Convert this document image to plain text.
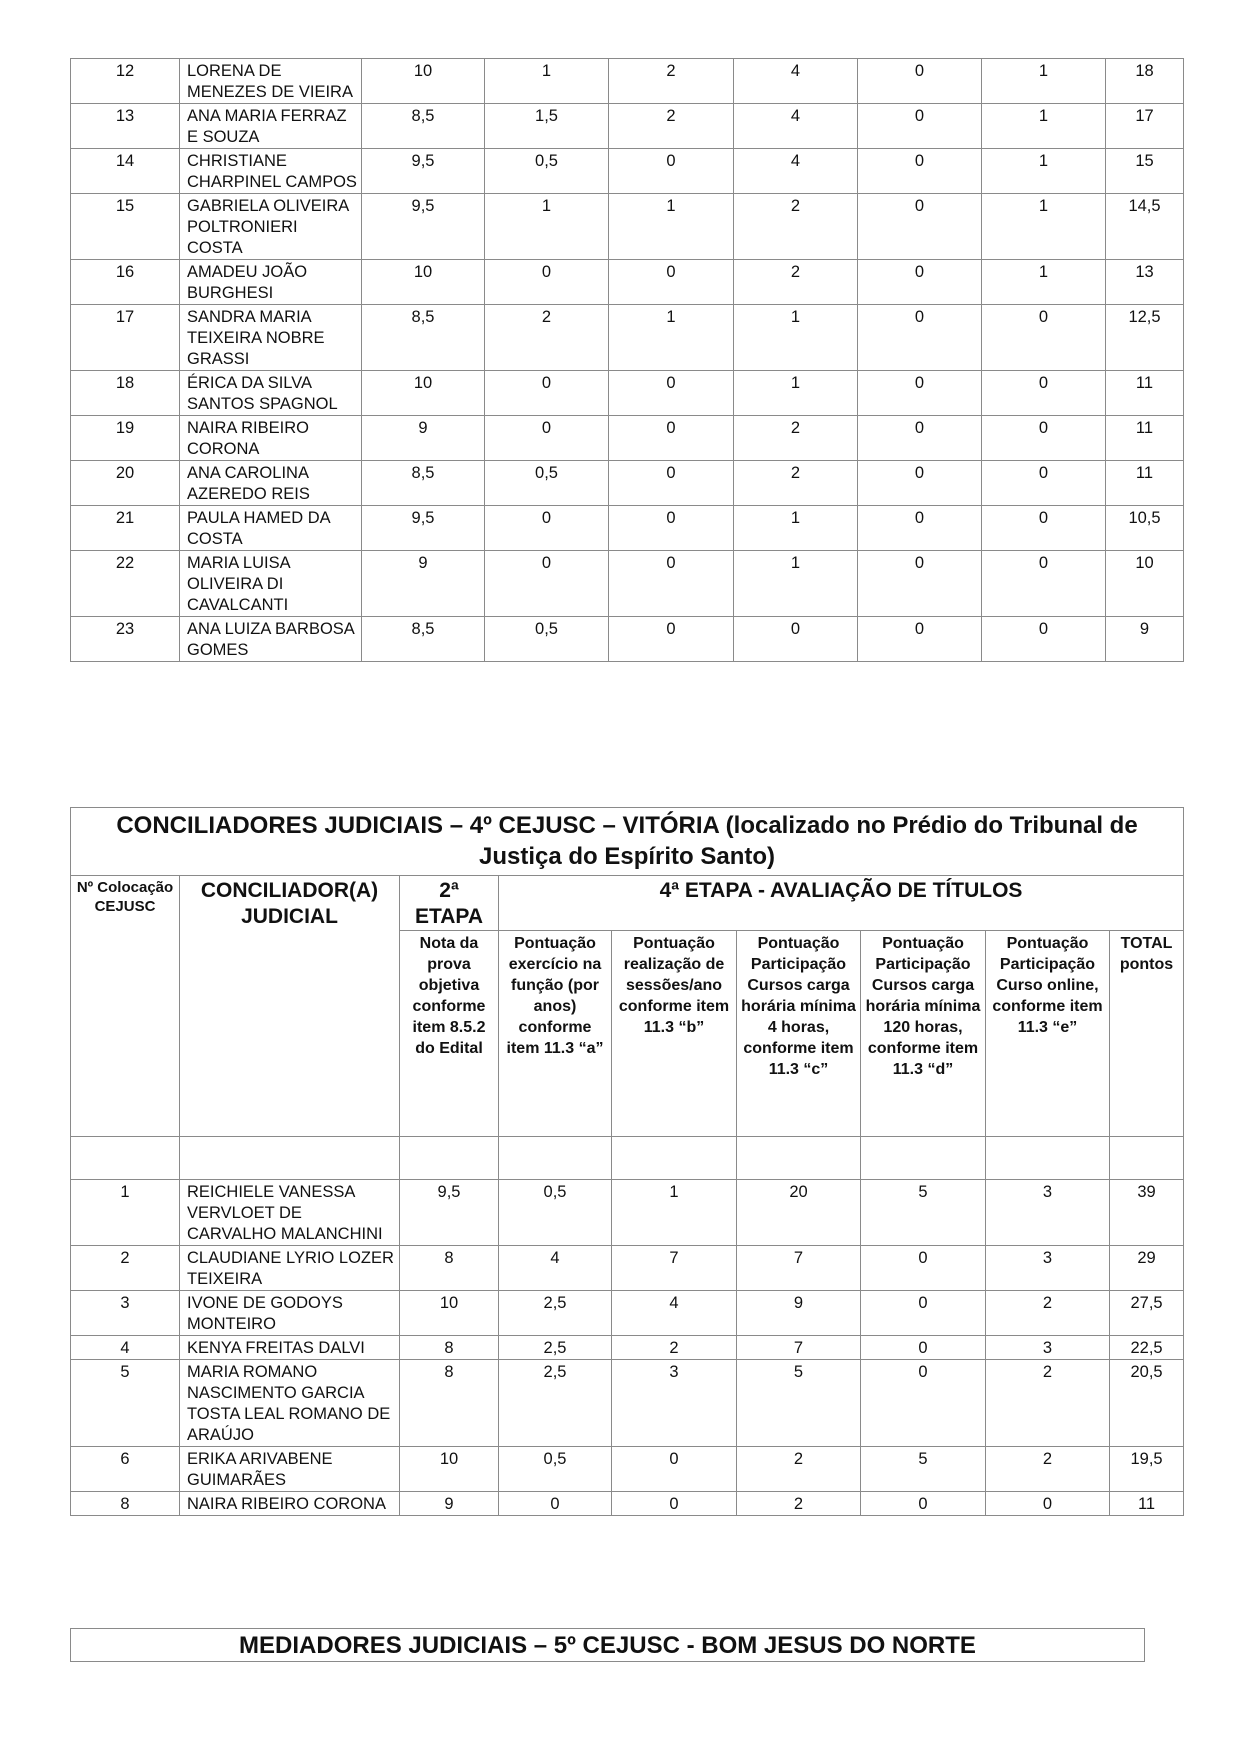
12	LORENA DE MENEZES DE VIEIRA	10	1	2	4	0	1	18
13	ANA MARIA FERRAZ E SOUZA	8,5	1,5	2	4	0	1	17
14	CHRISTIANE CHARPINEL CAMPOS	9,5	0,5	0	4	0	1	15
15	GABRIELA OLIVEIRA POLTRONIERI COSTA	9,5	1	1	2	0	1	14,5
16	AMADEU JOÃO BURGHESI	10	0	0	2	0	1	13
17	SANDRA MARIA TEIXEIRA NOBRE GRASSI	8,5	2	1	1	0	0	12,5
18	ÉRICA DA SILVA SANTOS SPAGNOL	10	0	0	1	0	0	11
19	NAIRA RIBEIRO CORONA	9	0	0	2	0	0	11
20	ANA CAROLINA AZEREDO REIS	8,5	0,5	0	2	0	0	11
21	PAULA HAMED DA COSTA	9,5	0	0	1	0	0	10,5
22	MARIA LUISA OLIVEIRA DI CAVALCANTI	9	0	0	1	0	0	10
23	ANA LUIZA BARBOSA GOMES	8,5	0,5	0	0	0	0	9
CONCILIADORES JUDICIAIS – 4º CEJUSC – VITÓRIA (localizado no Prédio do Tribunal de Justiça do Espírito Santo)								
Nº Colocação CEJUSC	CONCILIADOR(A) JUDICIAL	2ª ETAPA	4ª ETAPA - AVALIAÇÃO DE TÍTULOS					
		Nota da prova objetiva conforme item 8.5.2 do Edital	Pontuação exercício na função (por anos) conforme item 11.3 “a”	Pontuação realização de sessões/ano conforme item 11.3 “b”	Pontuação Participação Cursos carga horária mínima 4 horas, conforme item 11.3 “c”	Pontuação Participação Cursos carga horária mínima 120 horas, conforme item 11.3 “d”	Pontuação Participação Curso online, conforme item 11.3 “e”	TOTAL pontos

1	REICHIELE VANESSA VERVLOET DE CARVALHO MALANCHINI	9,5	0,5	1	20	5	3	39
2	CLAUDIANE LYRIO LOZER TEIXEIRA	8	4	7	7	0	3	29
3	IVONE DE GODOYS MONTEIRO	10	2,5	4	9	0	2	27,5
4	KENYA FREITAS DALVI	8	2,5	2	7	0	3	22,5
5	MARIA ROMANO NASCIMENTO GARCIA TOSTA LEAL ROMANO DE ARAÚJO	8	2,5	3	5	0	2	20,5
6	ERIKA ARIVABENE GUIMARÃES	10	0,5	0	2	5	2	19,5
8	NAIRA RIBEIRO CORONA	9	0	0	2	0	0	11
MEDIADORES JUDICIAIS – 5º CEJUSC - BOM JESUS DO NORTE
